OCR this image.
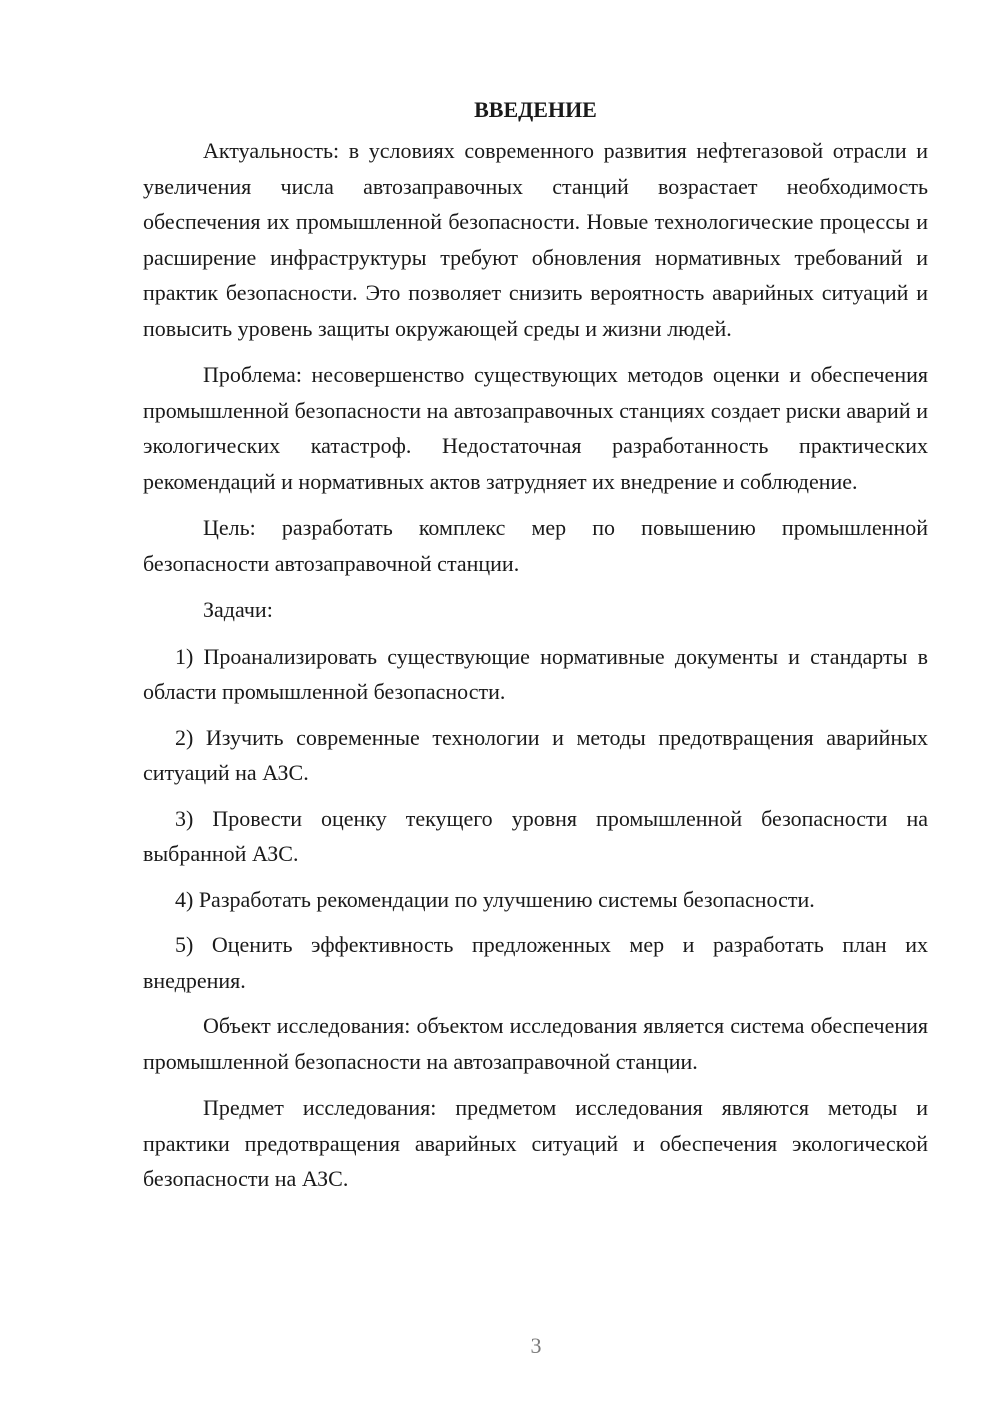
ВВЕДЕНИЕ

Актуальность: в условиях современного развития нефтегазовой отрасли и увеличения числа автозаправочных станций возрастает необходимость обеспечения их промышленной безопасности. Новые технологические процессы и расширение инфраструктуры требуют обновления нормативных требований и практик безопасности. Это позволяет снизить вероятность аварийных ситуаций и повысить уровень защиты окружающей среды и жизни людей.

Проблема: несовершенство существующих методов оценки и обеспечения промышленной безопасности на автозаправочных станциях создает риски аварий и экологических катастроф. Недостаточная разработанность практических рекомендаций и нормативных актов затрудняет их внедрение и соблюдение.

Цель: разработать комплекс мер по повышению промышленной безопасности автозаправочной станции.

Задачи:

1) Проанализировать существующие нормативные документы и стандарты в области промышленной безопасности.

2) Изучить современные технологии и методы предотвращения аварийных ситуаций на АЗС.

3) Провести оценку текущего уровня промышленной безопасности на выбранной АЗС.

4) Разработать рекомендации по улучшению системы безопасности.

5) Оценить эффективность предложенных мер и разработать план их внедрения.

Объект исследования: объектом исследования является система обеспечения промышленной безопасности на автозаправочной станции.

Предмет исследования: предметом исследования являются методы и практики предотвращения аварийных ситуаций и обеспечения экологической безопасности на АЗС.

3
